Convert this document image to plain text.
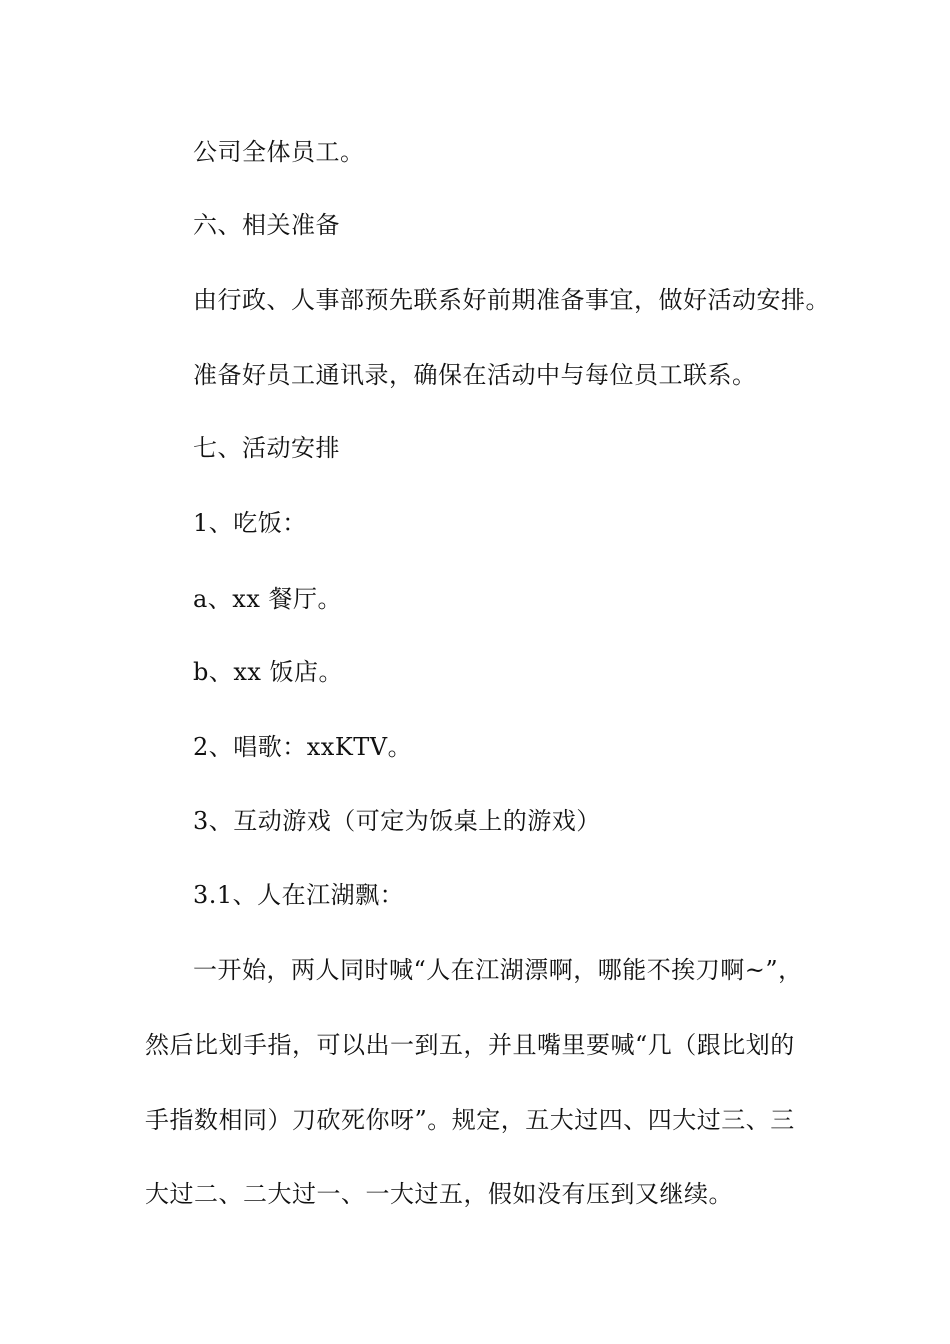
公司全体员工。
六、相关准备
由行政、人事部预先联系好前期准备事宜，做好活动安排。
准备好员工通讯录，确保在活动中与每位员工联系。
七、活动安排
1、吃饭：
a、xx 餐厅。
b、xx 饭店。
2、唱歌：xxKTV。
3、互动游戏（可定为饭桌上的游戏）
3.1、人在江湖飘：
一开始，两人同时喊“人在江湖漂啊，哪能不挨刀啊~”，
然后比划手指，可以出一到五，并且嘴里要喊“几（跟比划的
手指数相同）刀砍死你呀”。规定，五大过四、四大过三、三
大过二、二大过一、一大过五，假如没有压到又继续。
